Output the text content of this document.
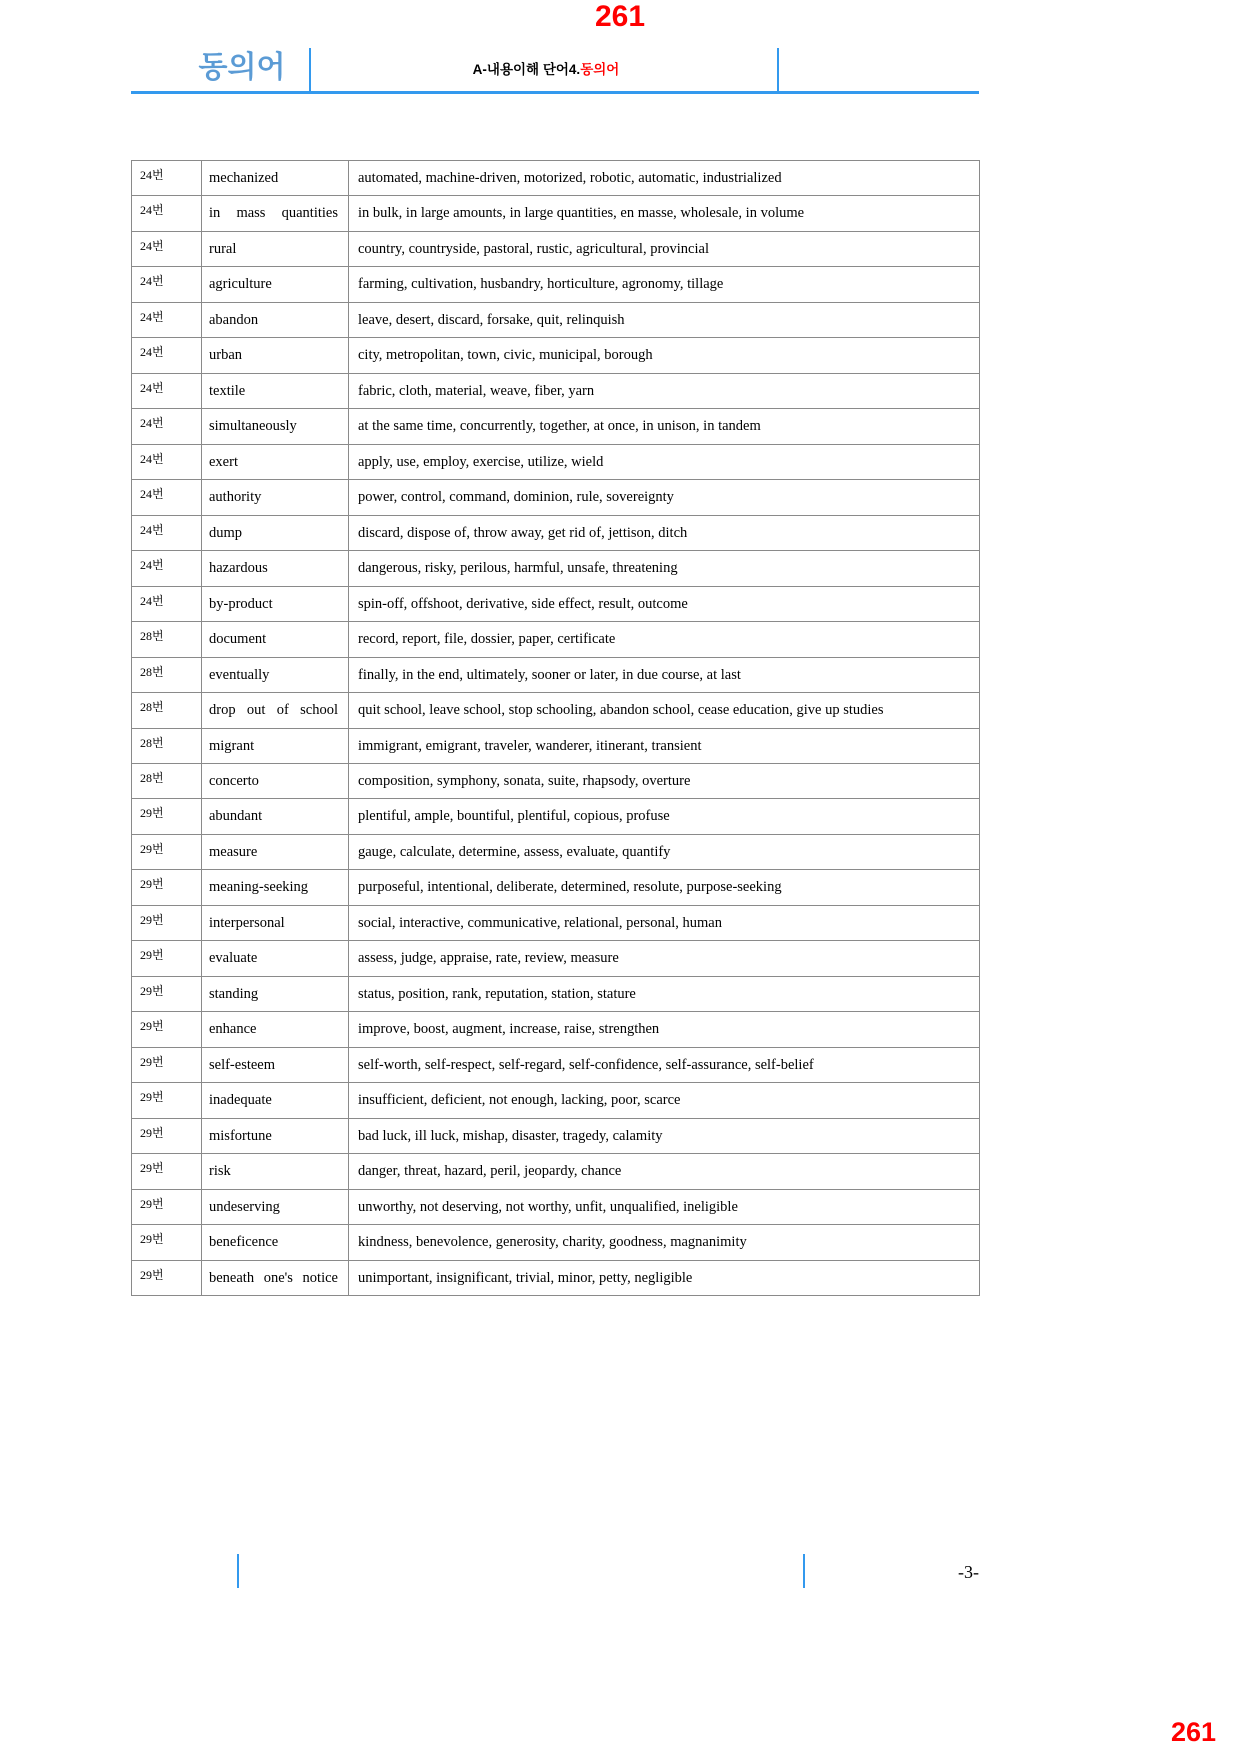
261
동의어	A-내용이해 단어4.동의어
24번	mechanized	automated, machine-driven, motorized, robotic, automatic, industrialized
24번	in mass quantities	in bulk, in large amounts, in large quantities, en masse, wholesale, in volume
24번	rural	country, countryside, pastoral, rustic, agricultural, provincial
24번	agriculture	farming, cultivation, husbandry, horticulture, agronomy, tillage
24번	abandon	leave, desert, discard, forsake, quit, relinquish
24번	urban	city, metropolitan, town, civic, municipal, borough
24번	textile	fabric, cloth, material, weave, fiber, yarn
24번	simultaneously	at the same time, concurrently, together, at once, in unison, in tandem
24번	exert	apply, use, employ, exercise, utilize, wield
24번	authority	power, control, command, dominion, rule, sovereignty
24번	dump	discard, dispose of, throw away, get rid of, jettison, ditch
24번	hazardous	dangerous, risky, perilous, harmful, unsafe, threatening
24번	by-product	spin-off, offshoot, derivative, side effect, result, outcome
28번	document	record, report, file, dossier, paper, certificate
28번	eventually	finally, in the end, ultimately, sooner or later, in due course, at last
28번	drop out of school	quit school, leave school, stop schooling, abandon school, cease education, give up studies
28번	migrant	immigrant, emigrant, traveler, wanderer, itinerant, transient
28번	concerto	composition, symphony, sonata, suite, rhapsody, overture
29번	abundant	plentiful, ample, bountiful, plentiful, copious, profuse
29번	measure	gauge, calculate, determine, assess, evaluate, quantify
29번	meaning-seeking	purposeful, intentional, deliberate, determined, resolute, purpose-seeking
29번	interpersonal	social, interactive, communicative, relational, personal, human
29번	evaluate	assess, judge, appraise, rate, review, measure
29번	standing	status, position, rank, reputation, station, stature
29번	enhance	improve, boost, augment, increase, raise, strengthen
29번	self-esteem	self-worth, self-respect, self-regard, self-confidence, self-assurance, self-belief
29번	inadequate	insufficient, deficient, not enough, lacking, poor, scarce
29번	misfortune	bad luck, ill luck, mishap, disaster, tragedy, calamity
29번	risk	danger, threat, hazard, peril, jeopardy, chance
29번	undeserving	unworthy, not deserving, not worthy, unfit, unqualified, ineligible
29번	beneficence	kindness, benevolence, generosity, charity, goodness, magnanimity
29번	beneath one's notice	unimportant, insignificant, trivial, minor, petty, negligible
-3-
261
